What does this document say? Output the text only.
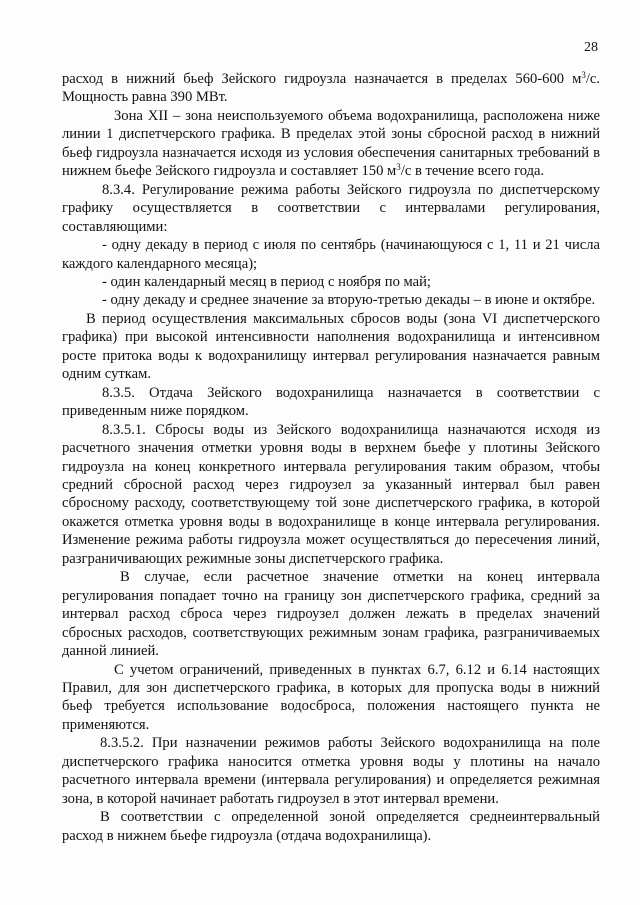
28

расход в нижний бьеф Зейского гидроузла назначается в пределах 560-600 $м^3/с$. Мощность равна 390 МВт.

Зона XII – зона неиспользуемого объема водохранилища, расположена ниже линии 1 диспетчерского графика. В пределах этой зоны сбросной расход в нижний бьеф гидроузла назначается исходя из условия обеспечения санитарных требований в нижнем бьефе Зейского гидроузла и составляет 150 $м^3/с$ в течение всего года.

8.3.4. Регулирование режима работы Зейского гидроузла по диспетчерскому графику осуществляется в соответствии с интервалами регулирования, составляющими:

- одну декаду в период с июля по сентябрь (начинающуюся с 1, 11 и 21 числа каждого календарного месяца);

- один календарный месяц в период с ноября по май;

- одну декаду и среднее значение за вторую-третью декады – в июне и октябре.

В период осуществления максимальных сбросов воды (зона VI диспетчерского графика) при высокой интенсивности наполнения водохранилища и интенсивном росте притока воды к водохранилищу интервал регулирования назначается равным одним суткам.

8.3.5. Отдача Зейского водохранилища назначается в соответствии с приведенным ниже порядком.

8.3.5.1. Сбросы воды из Зейского водохранилища назначаются исходя из расчетного значения отметки уровня воды в верхнем бьефе у плотины Зейского гидроузла на конец конкретного интервала регулирования таким образом, чтобы средний сбросной расход через гидроузел за указанный интервал был равен сбросному расходу, соответствующему той зоне диспетчерского графика, в которой окажется отметка уровня воды в водохранилище в конце интервала регулирования. Изменение режима работы гидроузла может осуществляться до пересечения линий, разграничивающих режимные зоны диспетчерского графика.

В случае, если расчетное значение отметки на конец интервала регулирования попадает точно на границу зон диспетчерского графика, средний за интервал расход сброса через гидроузел должен лежать в пределах значений сбросных расходов, соответствующих режимным зонам графика, разграничиваемых данной линией.

С учетом ограничений, приведенных в пунктах 6.7, 6.12 и 6.14 настоящих Правил, для зон диспетчерского графика, в которых для пропуска воды в нижний бьеф требуется использование водосброса, положения настоящего пункта не применяются.

8.3.5.2. При назначении режимов работы Зейского водохранилища на поле диспетчерского графика наносится отметка уровня воды у плотины на начало расчетного интервала времени (интервала регулирования) и определяется режимная зона, в которой начинает работать гидроузел в этот интервал времени.

В соответствии с определенной зоной определяется среднеинтервальный расход в нижнем бьефе гидроузла (отдача водохранилища).
